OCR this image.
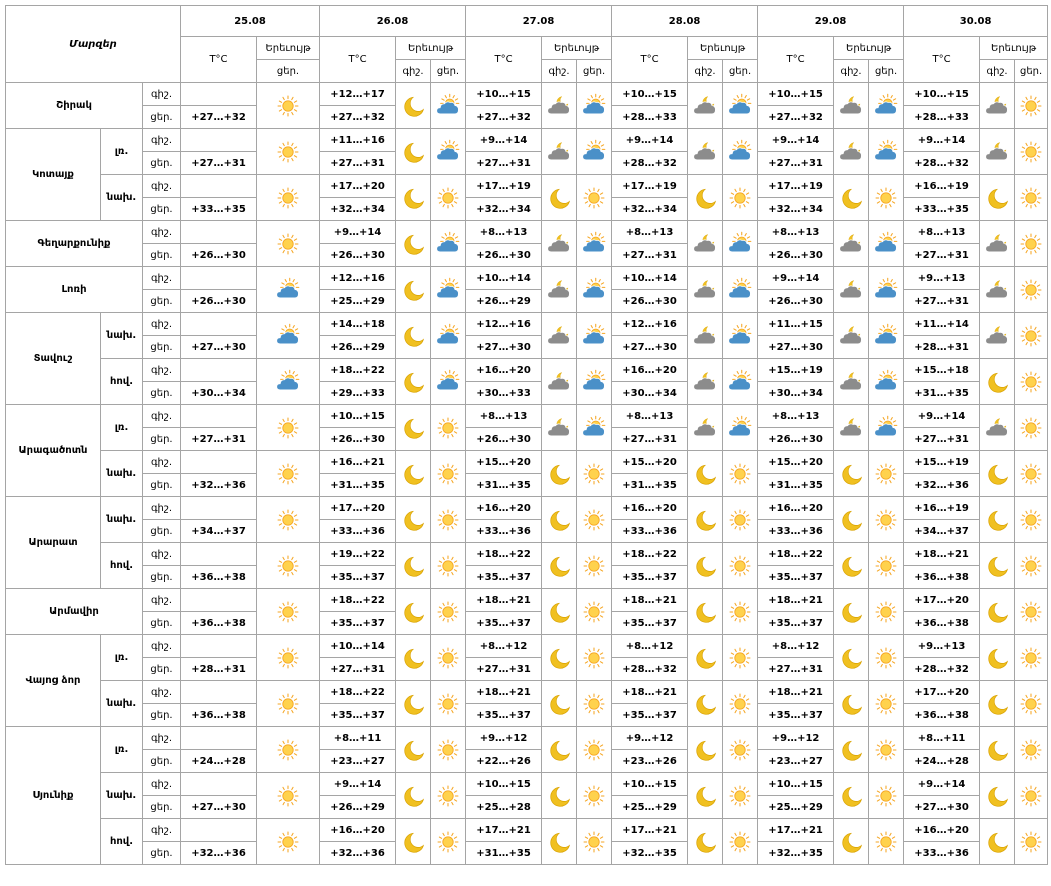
Մարզեր			25.08		26.08			27.08			28.08			29.08			30.08		
			T°C	Երեւույթ	T°C	Երեւույթ		T°C	Երեւույթ		T°C	Երեւույթ		T°C	Երեւույթ		T°C	Երեւույթ	
				ցեր.		գիշ.	ցեր.		գիշ.	ցեր.		գիշ.	ցեր.		գիշ.	ցեր.		գիշ.	ցեր.
Շիրակ		գիշ.			+12…+17			+10…+15			+10…+15			+10…+15			+10…+15	

		ցեր.	+27…+32		+27…+32			+27…+32			+28…+33			+27…+32			+28…+33		
Կոտայք	լռ.	գիշ.			+11…+16			+9…+14			+9…+14			+9…+14			+9…+14	

		ցեր.	+27…+31		+27…+31			+27…+31			+28…+32			+27…+31			+28…+32		
	նախ.	գիշ.			+17…+20			+17…+19			+17…+19			+17…+19			+16…+19	

		ցեր.	+33…+35		+32…+34			+32…+34			+32…+34			+32…+34			+33…+35		
Գեղարքունիք		գիշ.			+9…+14			+8…+13			+8…+13			+8…+13			+8…+13	

		ցեր.	+26…+30		+26…+30			+26…+30			+27…+31			+26…+30			+27…+31		
Լոռի		գիշ.			+12…+16			+10…+14			+10…+14			+9…+14			+9…+13	

		ցեր.	+26…+30		+25…+29			+26…+29			+26…+30			+26…+30			+27…+31		
Տավուշ	նախ.	գիշ.			+14…+18			+12…+16			+12…+16			+11…+15			+11…+14	

		ցեր.	+27…+30		+26…+29			+27…+30			+27…+30			+27…+30			+28…+31		
	հով.	գիշ.			+18…+22			+16…+20			+16…+20			+15…+19			+15…+18	

		ցեր.	+30…+34		+29…+33			+30…+33			+30…+34			+30…+34			+31…+35		
Արագածոտն	լռ.	գիշ.			+10…+15			+8…+13			+8…+13			+8…+13			+9…+14	

		ցեր.	+27…+31		+26…+30			+26…+30			+27…+31			+26…+30			+27…+31		
	նախ.	գիշ.			+16…+21			+15…+20			+15…+20			+15…+20			+15…+19	

		ցեր.	+32…+36		+31…+35			+31…+35			+31…+35			+31…+35			+32…+36		
Արարատ	նախ.	գիշ.			+17…+20			+16…+20			+16…+20			+16…+20			+16…+19	

		ցեր.	+34…+37		+33…+36			+33…+36			+33…+36			+33…+36			+34…+37		
	հով.	գիշ.			+19…+22			+18…+22			+18…+22			+18…+22			+18…+21	

		ցեր.	+36…+38		+35…+37			+35…+37			+35…+37			+35…+37			+36…+38		
Արմավիր		գիշ.			+18…+22			+18…+21			+18…+21			+18…+21			+17…+20	

		ցեր.	+36…+38		+35…+37			+35…+37			+35…+37			+35…+37			+36…+38		
Վայոց ձոր	լռ.	գիշ.			+10…+14			+8…+12			+8…+12			+8…+12			+9…+13	

		ցեր.	+28…+31		+27…+31			+27…+31			+28…+32			+27…+31			+28…+32		
	նախ.	գիշ.			+18…+22			+18…+21			+18…+21			+18…+21			+17…+20	

		ցեր.	+36…+38		+35…+37			+35…+37			+35…+37			+35…+37			+36…+38		
Սյունիք	լռ.	գիշ.			+8…+11			+9…+12			+9…+12			+9…+12			+8…+11	

		ցեր.	+24…+28		+23…+27			+22…+26			+23…+26			+23…+27			+24…+28		
	նախ.	գիշ.			+9…+14			+10…+15			+10…+15			+10…+15			+9…+14	

		ցեր.	+27…+30		+26…+29			+25…+28			+25…+29			+25…+29			+27…+30		
	հով.	գիշ.			+16…+20			+17…+21			+17…+21			+17…+21			+16…+20	

		ցեր.	+32…+36		+32…+36			+31…+35			+32…+35			+32…+35			+33…+36		
